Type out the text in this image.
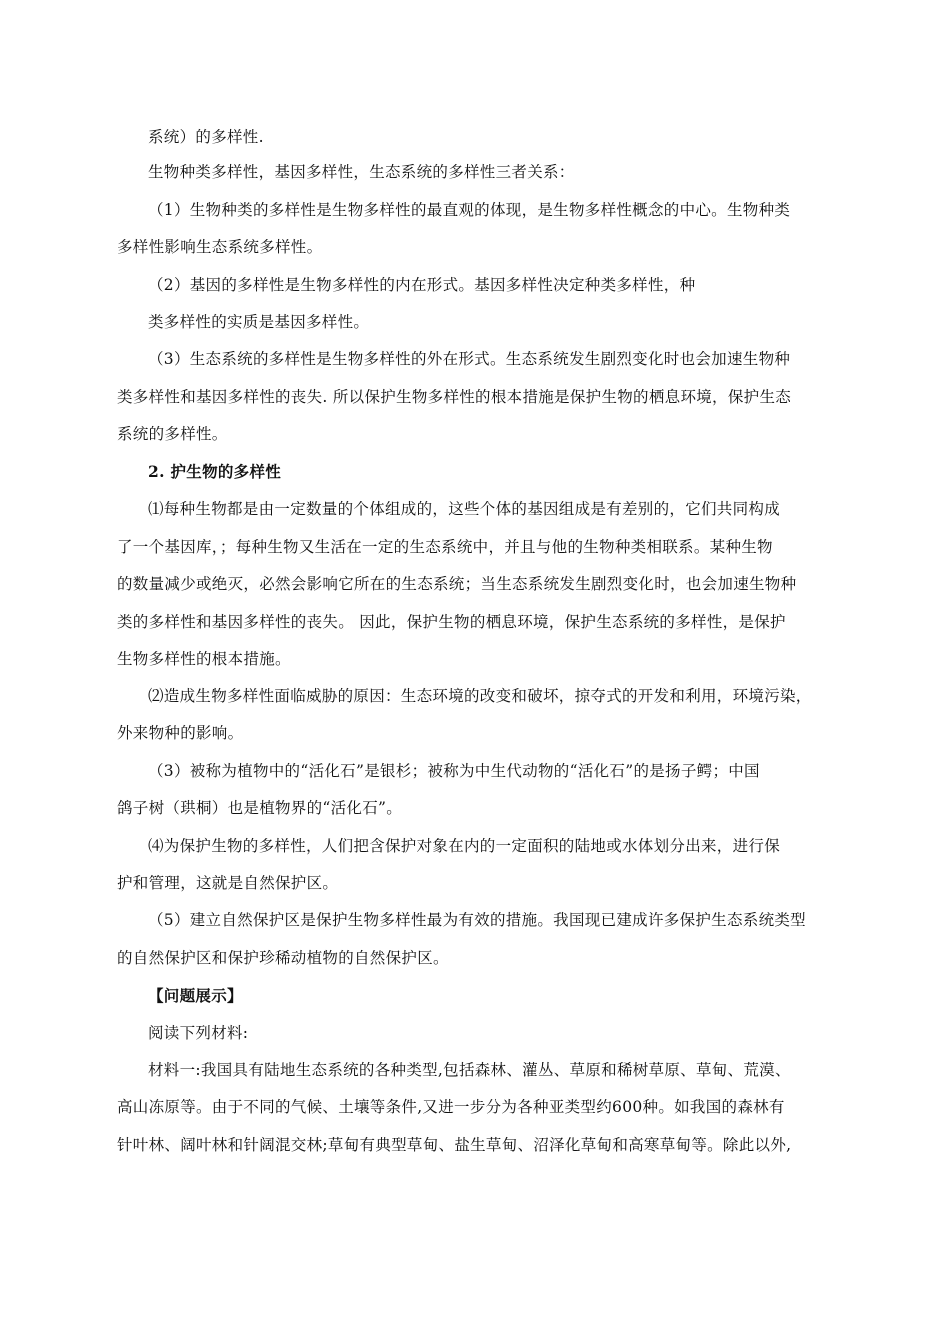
系统）的多样性.

生物种类多样性，基因多样性，生态系统的多样性三者关系：

（1）生物种类的多样性是生物多样性的最直观的体现，是生物多样性概念的中心。生物种类

多样性影响生态系统多样性。

（2）基因的多样性是生物多样性的内在形式。基因多样性决定种类多样性，种

类多样性的实质是基因多样性。

（3）生态系统的多样性是生物多样性的外在形式。生态系统发生剧烈变化时也会加速生物种

类多样性和基因多样性的丧失. 所以保护生物多样性的根本措施是保护生物的栖息环境，保护生态

系统的多样性。

2. 护生物的多样性

⑴每种生物都是由一定数量的个体组成的，这些个体的基因组成是有差别的，它们共同构成

了一个基因库，；每种生物又生活在一定的生态系统中，并且与他的生物种类相联系。某种生物

的数量减少或绝灭，必然会影响它所在的生态系统；当生态系统发生剧烈变化时，也会加速生物种

类的多样性和基因多样性的丧失。 因此，保护生物的栖息环境，保护生态系统的多样性，是保护

生物多样性的根本措施。

⑵造成生物多样性面临威胁的原因：生态环境的改变和破坏，掠夺式的开发和利用，环境污染，

外来物种的影响。

（3）被称为植物中的“活化石”是银杉；被称为中生代动物的“活化石”的是扬子鳄；中国

鸽子树（珙桐）也是植物界的“活化石”。

⑷为保护生物的多样性，人们把含保护对象在内的一定面积的陆地或水体划分出来，进行保

护和管理，这就是自然保护区。

（5）建立自然保护区是保护生物多样性最为有效的措施。我国现已建成许多保护生态系统类型

的自然保护区和保护珍稀动植物的自然保护区。

【问题展示】

阅读下列材料:

材料一:我国具有陆地生态系统的各种类型,包括森林、灌丛、草原和稀树草原、草甸、荒漠、

高山冻原等。由于不同的气候、土壤等条件,又进一步分为各种亚类型约600种。如我国的森林有

针叶林、阔叶林和针阔混交林;草甸有典型草甸、盐生草甸、沼泽化草甸和高寒草甸等。除此以外,
